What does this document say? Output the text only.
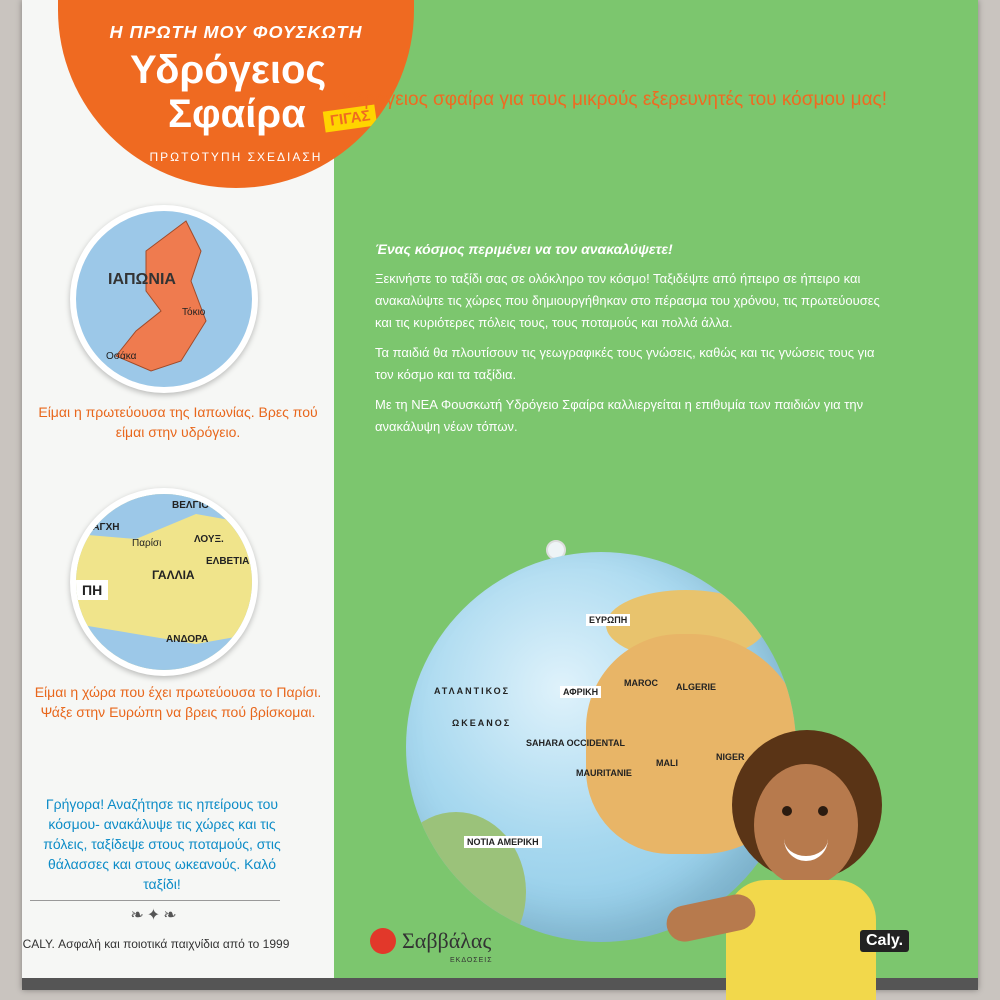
Η ΠΡΩΤΗ ΜΟΥ ΦΟΥΣΚΩΤΗ
Υδρόγειος
Σφαίρα	ΓΙΓΑΣ
ΠΡΩΤΟΤΥΠΗ ΣΧΕΔΙΑΣΗ
ΙΑΠΩΝΙΑ
Τόκιο
Οσάκα
Είμαι η πρωτεύουσα της Ιαπωνίας. Βρες πού είμαι στην υδρόγειο.
ΒΕΛΓΙΟ
ΜΑΓΧΗ
Παρίσι	ΛΟΥΞ.
ΕΛΒΕΤΙΑ
ΓΑΛΛΙΑ
ΑΝΔΟΡΑ
ΠΗ
Είμαι η χώρα που έχει πρωτεύουσα το Παρίσι. Ψάξε στην Ευρώπη να βρεις πού βρίσκομαι.
Γρήγορα! Αναζήτησε τις ηπείρους του κόσμου- ανακάλυψε τις χώρες και τις πόλεις, ταξίδεψε στους ποταμούς, στις θάλασσες και στους ωκεανούς. Καλό ταξίδι!
❧✦❧
CALY. Ασφαλή και ποιοτικά παιχνίδια από το 1999
Υδρόγειος σφαίρα για τους μικρούς εξερευνητές του κόσμου μας!

Ένας κόσμος περιμένει να τον ανακαλύψετε!

Ξεκινήστε το ταξίδι σας σε ολόκληρο τον κόσμο! Ταξιδέψτε από ήπειρο σε ήπειρο και ανακαλύψτε τις χώρες που δημιουργήθηκαν στο πέρασμα του χρόνου, τις πρωτεύουσες και τις κυριότερες πόλεις τους, τους ποταμούς και πολλά άλλα.

Τα παιδιά θα πλουτίσουν τις γεωγραφικές τους γνώσεις, καθώς και τις γνώσεις τους για τον κόσμο και τα ταξίδια.

Με τη ΝΕΑ Φουσκωτή Υδρόγειο Σφαίρα καλλιεργείται η επιθυμία των παιδιών για την ανακάλυψη νέων τόπων.

ΕΥΡΩΠΗ
ΑΤΛΑΝΤΙΚΟΣ
ΩΚΕΑΝΟΣ
ΑΦΡΙΚΗ	ALGERIE
MAROC
SAHARA OCCIDENTAL
MAURITANIE
MALI
NIGER
ΝΟΤΙΑ ΑΜΕΡΙΚΗ
Σαββάλας
ΕΚΔΟΣΕΙΣ
Caly.
